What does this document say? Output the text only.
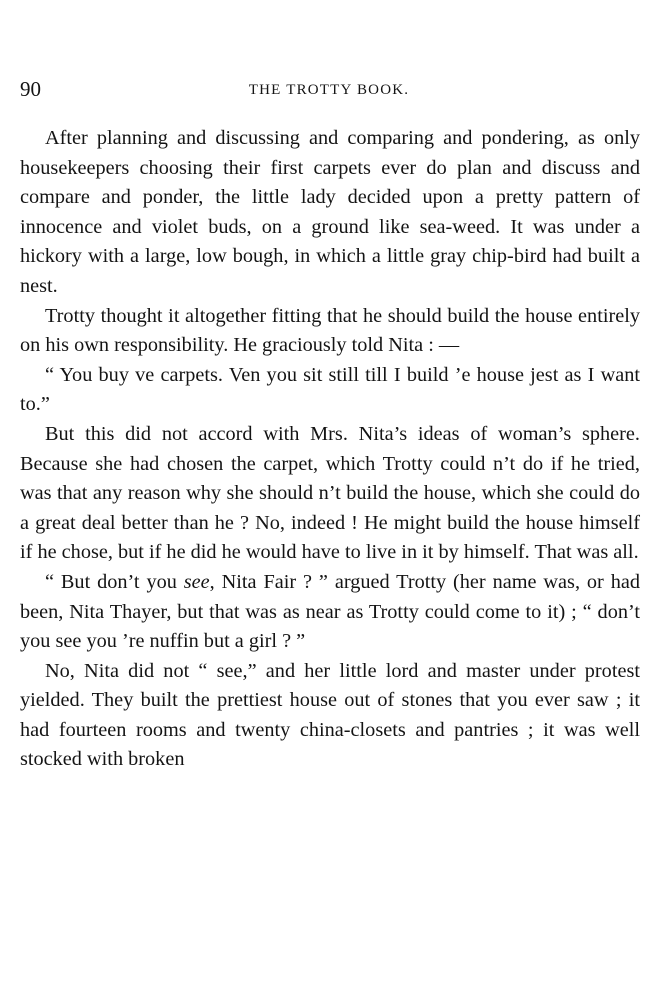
90	THE TROTTY BOOK.

After planning and discussing and comparing and pondering, as only housekeepers choosing their first carpets ever do plan and discuss and compare and ponder, the little lady decided upon a pretty pattern of innocence and violet buds, on a ground like sea-weed. It was under a hickory with a large, low bough, in which a little gray chip-bird had built a nest.

Trotty thought it altogether fitting that he should build the house entirely on his own responsibility. He graciously told Nita : —

“ You buy ve carpets. Ven you sit still till I build ’e house jest as I want to.”

But this did not accord with Mrs. Nita’s ideas of woman’s sphere. Because she had chosen the carpet, which Trotty could n’t do if he tried, was that any reason why she should n’t build the house, which she could do a great deal better than he ? No, indeed ! He might build the house himself if he chose, but if he did he would have to live in it by himself. That was all.

“ But don’t you see, Nita Fair ? ” argued Trotty (her name was, or had been, Nita Thayer, but that was as near as Trotty could come to it) ; “ don’t you see you ’re nuffin but a girl ? ”

No, Nita did not “ see,” and her little lord and master under protest yielded. They built the prettiest house out of stones that you ever saw ; it had fourteen rooms and twenty china-closets and pantries ; it was well stocked with broken
